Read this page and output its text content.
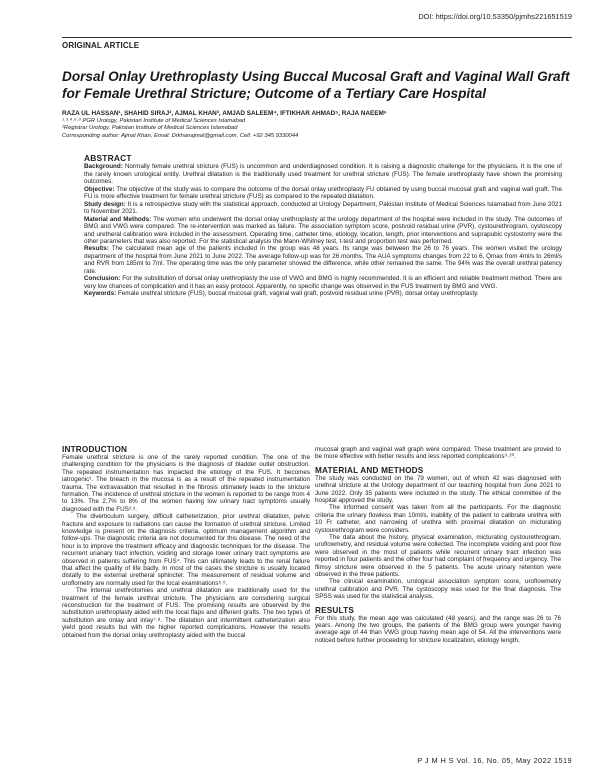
DOI: https://doi.org/10.53350/pjmhs221651519
ORIGINAL ARTICLE
Dorsal Onlay Urethroplasty Using Buccal Mucosal Graft and Vaginal Wall Graft for Female Urethral Stricture; Outcome of a Tertiary Care Hospital
RAZA UL HASSAN¹, SHAHID SIRAJ², AJMAL KHAN³, AMJAD SALEEM⁴, IFTIKHAR AHMAD⁵, RAJA NAEEM⁶
¹˒³˒⁴˒⁵˒⁶ PGR Urology, Pakistan Institute of Medical Sciences Islamabad
²Registrar Urology, Pakistan Institute of Medical Sciences Islamabad
Corresponding author: Ajmal Khan, Email: Drkhanajmal@gmail.com, Cell: +92 345 9330044
ABSTRACT

Background: Normally female urethral stricture (FUS) is uncommon and underdiagnosed condition. It is raising a diagnostic challenge for the physicians. It is the one of the rarely known urological entity. Urethral dilatation is the traditionally used treatment for urethral stricture (FUS). The female urethroplasty have shown the promising outcomes.

Objective: The objective of the study was to compare the outcome of the dorsal onlay urethroplasty FU obtained by using buccal mucosal graft and vaginal wall graft. The FU is more effective treatment for female urethral stricture (FUS) as compared to the repeated dilatation.

Study design: It is a retrospective study with the statistical approach, conducted at Urology Department, Pakistan Institute of Medical Sciences Islamabad from June 2021 to November 2021.

Material and Methods: The women who underwent the dorsal onlay urethroplasty at the urology department of the hospital were included in the study. The outcomes of BMG and VWG were compared. The re-intervention was marked as failure. The association symptom score, postvoid residual urine (PVR), cystourethrogram, cystoscopy and uretheral calibration were included in the assessment. Operating time, catheter time, etiology, location, length, prior interventions and suprapubic cystostomy were the other parameters that was also reported. For the statistical analysis the Mann-Whitney test, t-test and proportion test was performed.

Results: The calculated mean age of the patients included in the group was 48 years. Its range was between the 26 to 76 years. The women visited the urology department of the hospital from June 2021 to June 2022. The average follow-up was for 26 months. The AUA symptoms changes from 22 to 6, Qmax from 4ml/s to 26ml/s and RVR from 185ml to 7ml. The operating time was the only parameter showed the difference, while other remained the same. The 94% was the overall urethral patency rate.

Conclusion: For the substitution of dorsal onlay urethroplasty the use of VWG and BMG is highly recommended. It is an efficient and reliable treatment method. There are very low chances of complication and it has an easy protocol. Apparently, no specific change was observed in the FUS treatment by BMG and VWG.

Keywords: Female urethral stricture (FUS), buccal mucosal graft, vaginal wall graft, postvoid residual urine (PVR), dorsal onlay urethroplasty.

INTRODUCTION

Female urethral stricture is one of the rarely reported condition. The one of the challenging condition for the physicians is the diagnosis of bladder outlet obstruction. The repeated instrumentation has impacted the etiology of the FUS. It becomes iatrogenic¹. The breach in the mucosa is as a result of the repeated instrumentation trauma. The extravasation that resulted in the fibrosis ultimately leads to the stricture formation. The incidence of urethral stricture in the women is reported to be range from 4 to 13%. The 2.7% to 8% of the women having low urinary tract symptoms usually diagnosed with the FUS²˒³.

The diverticulum surgery, difficult catheterization, prior urethral dilatation, pelvic fracture and exposure to radiations can cause the formation of urethral stricture. Limited knowledge is present on the diagnosis criteria, optimum management algorithm and follow-ups. The diagnostic criteria are not documented for this disease. The need of the hour is to improve the treatment efficacy and diagnostic techniques for the disease. The recurrent urianary tract infection, voiding and storage lower urinary tract symptoms are observed in patients suffering from FUS⁴. This can ultimately leads to the renal failure that affect the quality of life badly. In most of the cases the stricture is usually located distally to the external uretheral sphincter. The measurement of residual volume and uroflometry are normally used for the local examinations⁵˒⁶.

The internal urethrotomies and urethral dilatation are traditionally used for the treatment of the female urethral stricture. The physicians are considering surgical reconstruction for the treatment of FUS. The promising results are observed by the substitution urethroplasty aided with the local flaps and different grafts. The two types of substitution are onlay and inlay⁷˒⁸. The dilatation and intermittent catheterization also yield good results but with the higher reported complications. However the results obtained from the dorsal onlay urethroplasty aided with the buccal

mucosal graph and vaginal wall graph were compared. These treatment are proved to be more effective with better results and less reported complications⁹˒¹⁰.

MATERIAL AND METHODS

The study was conducted on the 79 women, out of which 42 was diagnosed with urethral stricture at the Urology department of our teaching hospital from June 2021 to June 2022. Only 35 patients were included in the study. The ethical committee of the hospital approved the study.

The informed consent was taken from all the participants. For the diagnostic criteria the urinary flowless than 10ml/s, inability of the patient to calibrate urethra with 10 Fr catheter, and narrowing of urethra with proximal dilatation on micturating cystourethrogram were considers.

The data about the history, physical examination, micturating cystourethrogram, uroflowmetry, and residual volume were collected. The incomplete voiding and poor flow were observed in the most of patients while recurrent urinary tract infection was reported in four patients and the other four had complaint of frequency and urgency. The flimsy stricture were observed in the 5 patients. The acute urinary retention were observed in the three patients.

The clinical examination, urological association symptom score, uroflowmetry urethral calibration and PVR. The cystoscopy was used for the final diagnosis. The SPSS was used for the statistical analysis.

RESULTS

For this study, the mean age was calculated (48 years), and the range was 26 to 76 years. Among the two groups, the patients of the BMG group were younger having average age of 44 than VWG group having mean age of 54. All the interventions were noticed before further proceeding for stricture localization, etiology length,

P J M H S Vol. 16, No. 05, May 2022 1519
